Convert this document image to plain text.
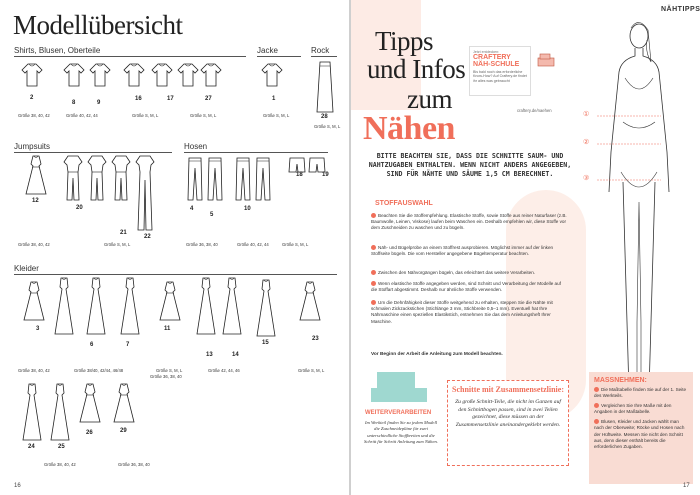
Modellübersicht
Shirts, Blusen, Oberteile	Jacke	Rock
2
8	9
16	17	27	1
28
Größe 38, 40, 42	Größe 40, 42, 44	Größe S, M, L	Größe S, M, L	Größe S, M, L
Größe S, M, L
Jumpsuits	Hosen
12
20
21
22
4
5
10
18	19
Größe 38, 40, 42	Größe S, M, L	Größe 36, 38, 40	Größe 40, 42, 44	Größe S, M, L
Kleider
3
6	7
11
13	14
15
23
Größe 38, 40, 42	Größe 38/40, 42/44, 46/48	Größe S, M, L
Größe 36, 38, 40
Größe 42, 44, 46	Größe S, M, L
24	25
26	29
Größe 38, 40, 42	Größe 36, 38, 40
16
NÄHTIPPS
Tipps
und Infos
zum
Nähen
Jetzt entdecken:
CRAFTERY NÄH-SCHULE
Bis bald noch das erforderliche Know-How? Auf Craftery.de findet ihr alles was gebraucht
craftery.de/naehen
BITTE BEACHTEN SIE, DASS DIE SCHNITTE SAUM- UND NAHTZUGABEN ENTHALTEN. WENN NICHT ANDERS ANGEGEBEN, SIND FÜR NÄHTE UND SÄUME 1,5 CM BERECHNET.
STOFFAUSWAHL
Beachten Sie die Stoffempfehlung. Elastische Stoffe, sowie Stoffe aus reiner Naturfaser (z.B. Baumwolle, Leinen, Viskose) laufen beim Waschen ein. Deshalb empfehlen wir, diese Stoffe vor dem Zuschneiden zu waschen und zu bügeln.
Näh- und Bügelprobe an einem Stoffrest ausprobieren. Möglichst immer auf der linken Stoffseite bügeln. Die vom Hersteller angegebene Bügeltemperatur beachten.
Zwischen den Nähvorgängen bügeln, das erleichtert das weitere Verarbeiten.
Wenn elastische Stoffe angegeben werden, sind Schnitt und Verarbeitung der Modelle auf die Stoffart abgestimmt. Deshalb nur ähnliche Stoffe verwenden.
Um die Dehnfähigkeit dieser Stoffe weitgehend zu erhalten, steppen Sie die Nähte mit schmalen Zickzackstichen (Stichlänge 3 mm, Stichbreite 0,5–1 mm). Eventuell hat Ihre Nähmaschine einen speziellen Elastikstich, entnehmen Sie das dem Anleitungsheft Ihrer Maschine.
Vor Beginn der Arbeit die Anleitung zum Modell beachten.
WEITERVERARBEITEN
Im Werkteil finden Sie zu jedem Modell die Zuschneidepläne für zwei unterschiedliche Stoffbreiten und die Schritt für Schritt Anleitung zum Nähen.
Schnitte mit Zusammensetzlinie:
Zu große Schnitt-Teile, die nicht im Ganzen auf den Schnittbogen passen, sind in zwei Teilen gezeichnet, diese müssen an der Zusammensetzlinie aneinandergeklebt werden.
①
②
③
MASSNEHMEN:
Die Maßtabelle finden Sie auf der 1. Seite des Werkteils.
Vergleichen Sie Ihre Maße mit den Angaben in der Maßtabelle.
Blusen, Kleider und Jacken wählt man nach der Oberweite; Röcke und Hosen nach der Hüftweite. Messen Sie nicht den Schnitt aus, denn dieser enthält bereits die erforderlichen Zugaben.
17
